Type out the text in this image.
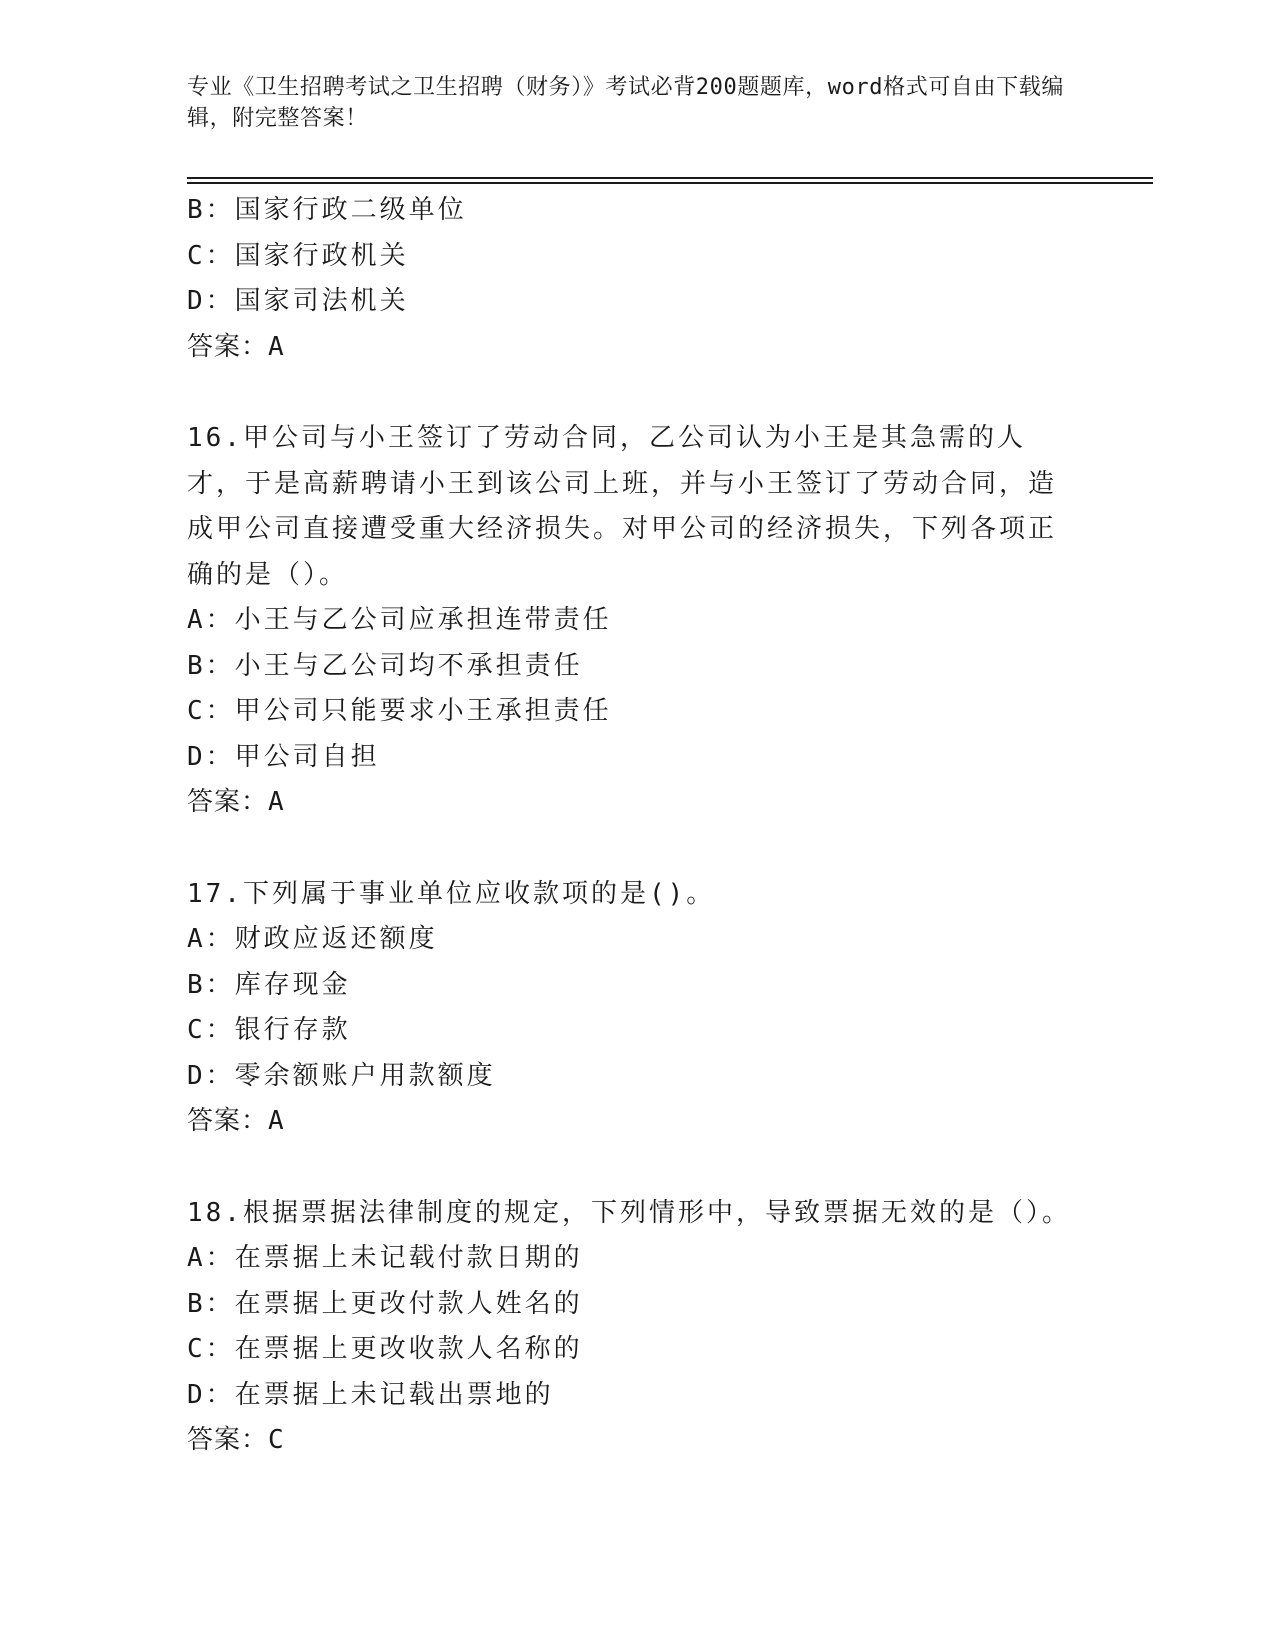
专业《卫生招聘考试之卫生招聘（财务）》考试必背200题题库，word格式可自由下载编辑，附完整答案！
B：国家行政二级单位
C：国家行政机关
D：国家司法机关
答案：A
16.甲公司与小王签订了劳动合同，乙公司认为小王是其急需的人才，于是高薪聘请小王到该公司上班，并与小王签订了劳动合同，造成甲公司直接遭受重大经济损失。对甲公司的经济损失，下列各项正确的是（）。
A：小王与乙公司应承担连带责任
B：小王与乙公司均不承担责任
C：甲公司只能要求小王承担责任
D：甲公司自担
答案：A
17.下列属于事业单位应收款项的是()。
A：财政应返还额度
B：库存现金
C：银行存款
D：零余额账户用款额度
答案：A
18.根据票据法律制度的规定，下列情形中，导致票据无效的是（）。
A：在票据上未记载付款日期的
B：在票据上更改付款人姓名的
C：在票据上更改收款人名称的
D：在票据上未记载出票地的
答案：C
